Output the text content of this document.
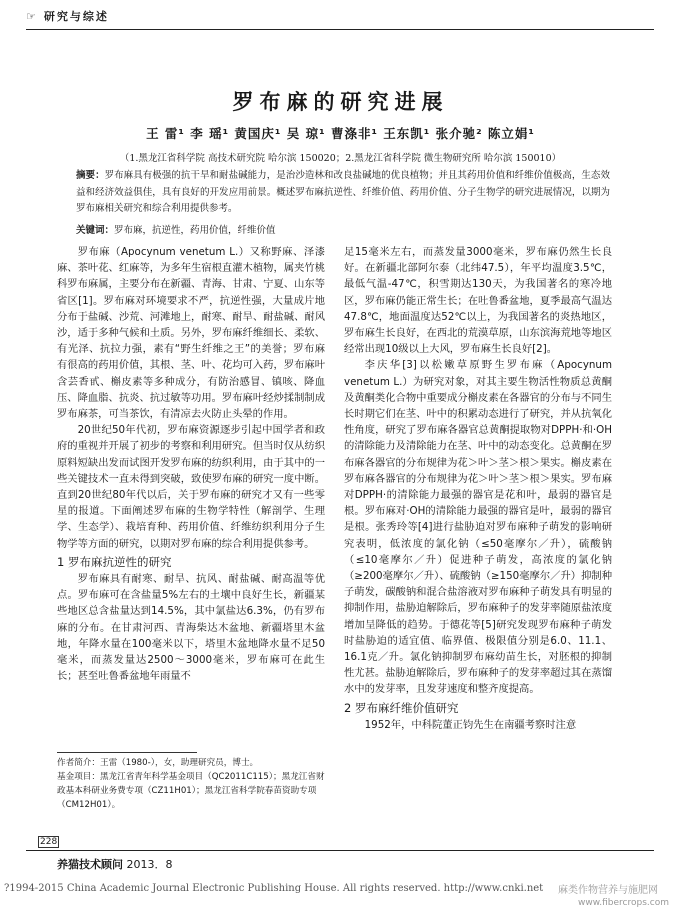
☞ 研究与综述
罗布麻的研究进展
王 雷¹ 李 瑶¹ 黄国庆¹ 吴 琼¹ 曹涤非¹ 王东凯¹ 张介驰² 陈立娟¹
（1.黑龙江省科学院 高技术研究院 哈尔滨 150020；2.黑龙江省科学院 微生物研究所 哈尔滨 150010）
摘要：罗布麻具有极强的抗干旱和耐盐碱能力，是治沙造林和改良盐碱地的优良植物；并且其药用价值和纤维价值极高，生态效益和经济效益俱佳，具有良好的开发应用前景。概述罗布麻抗逆性、纤维价值、药用价值、分子生物学的研究进展情况，以期为罗布麻相关研究和综合利用提供参考。
关键词：罗布麻，抗逆性，药用价值，纤维价值

罗布麻（Apocynum venetum L.）又称野麻、泽漆麻、茶叶花、红麻等，为多年生宿根直灌木植物，属夹竹桃科罗布麻属，主要分布在新疆、青海、甘肃、宁夏、山东等省区[1]。罗布麻对环境要求不严，抗逆性强，大量成片地分布于盐碱、沙荒、河滩地上，耐寒、耐旱、耐盐碱、耐风沙，适于多种气候和土质。另外，罗布麻纤维细长、柔软、有光泽、抗拉力强，素有“野生纤维之王”的美誉；罗布麻有很高的药用价值，其根、茎、叶、花均可入药，罗布麻叶含芸香甙、槲皮素等多种成分，有防治感冒、镇咳、降血压、降血脂、抗炎、抗过敏等功用。罗布麻叶经炒揉制制成罗布麻茶，可当茶饮，有清凉去火防止头晕的作用。

20世纪50年代初，罗布麻资源逐步引起中国学者和政府的重视并开展了初步的考察和利用研究。但当时仅从纺织原料短缺出发而试图开发罗布麻的纺织利用，由于其中的一些关键技术一直未得到突破，致使罗布麻的研究一度中断。直到20世纪80年代以后，关于罗布麻的研究才又有一些零星的报道。下面阐述罗布麻的生物学特性（解剖学、生理学、生态学）、栽培育种、药用价值、纤维纺织利用分子生物学等方面的研究，以期对罗布麻的综合利用提供参考。

1 罗布麻抗逆性的研究

罗布麻具有耐寒、耐旱、抗风、耐盐碱、耐高温等优点。罗布麻可在含盐量5%左右的土壤中良好生长，新疆某些地区总含盐量达到14.5%，其中氯盐达6.3%，仍有罗布麻的分布。在甘肃河西、青海柴达木盆地、新疆塔里木盆地，年降水量在100毫米以下，塔里木盆地降水量不足50毫米，而蒸发量达2500～3000毫米，罗布麻可在此生长；甚至吐鲁番盆地年雨量不

足15毫米左右，而蒸发量3000毫米，罗布麻仍然生长良好。在新疆北部阿尔泰（北纬47.5），年平均温度3.5℃，最低气温-47℃，积雪期达130天，为我国著名的寒冷地区，罗布麻仍能正常生长；在吐鲁番盆地，夏季最高气温达47.8℃，地面温度达52℃以上，为我国著名的炎热地区，罗布麻生长良好，在西北的荒漠草原，山东滨海荒地等地区经常出现10级以上大风，罗布麻生长良好[2]。

李庆华[3]以松嫩草原野生罗布麻（Apocynum venetum L.）为研究对象，对其主要生物活性物质总黄酮及黄酮类化合物中重要成分槲皮素在各器官的分布与不同生长时期它们在茎、叶中的积累动态进行了研究，并从抗氧化性角度，研究了罗布麻各器官总黄酮提取物对DPPH·和·OH的清除能力及清除能力在茎、叶中的动态变化。总黄酮在罗布麻各器官的分布规律为花＞叶＞茎＞根＞果实。槲皮素在罗布麻各器官的分布规律为花＞叶＞茎＞根＞果实。罗布麻对DPPH·的清除能力最强的器官是花和叶，最弱的器官是根。罗布麻对·OH的清除能力最强的器官是叶，最弱的器官是根。张秀玲等[4]进行盐胁迫对罗布麻种子萌发的影响研究表明，低浓度的氯化钠（≤50毫摩尔／升），硫酸钠（≤10毫摩尔／升）促进种子萌发，高浓度的氯化钠（≥200毫摩尔／升）、硫酸钠（≥150毫摩尔／升）抑制种子萌发，碳酸钠和混合盐溶液对罗布麻种子萌发具有明显的抑制作用，盐胁迫解除后，罗布麻种子的发芽率随原盐浓度增加呈降低的趋势。于德花等[5]研究发现罗布麻种子萌发时盐胁迫的适宜值、临界值、极限值分别是6.0、11.1、16.1克／升。氯化钠抑制罗布麻幼苗生长，对胚根的抑制性尤甚。盐胁迫解除后，罗布麻种子的发芽率超过其在蒸馏水中的发芽率，且发芽速度和整齐度提高。

2 罗布麻纤维价值研究

1952年，中科院董正钧先生在南疆考察时注意

作者简介：王雷（1980-），女，助理研究员，博士。
基金项目：黑龙江省青年科学基金项目（QC2011C115）；黑龙江省财政基本科研业务费专项（CZ11H01）；黑龙江省科学院春苗资助专项（CM12H01）。
228
养猫技术顾问 2013．8
?1994-2015 China Academic Journal Electronic Publishing House. All rights reserved. http://www.cnki.net 麻类作物营养与施肥网
www.fibercrops.com
